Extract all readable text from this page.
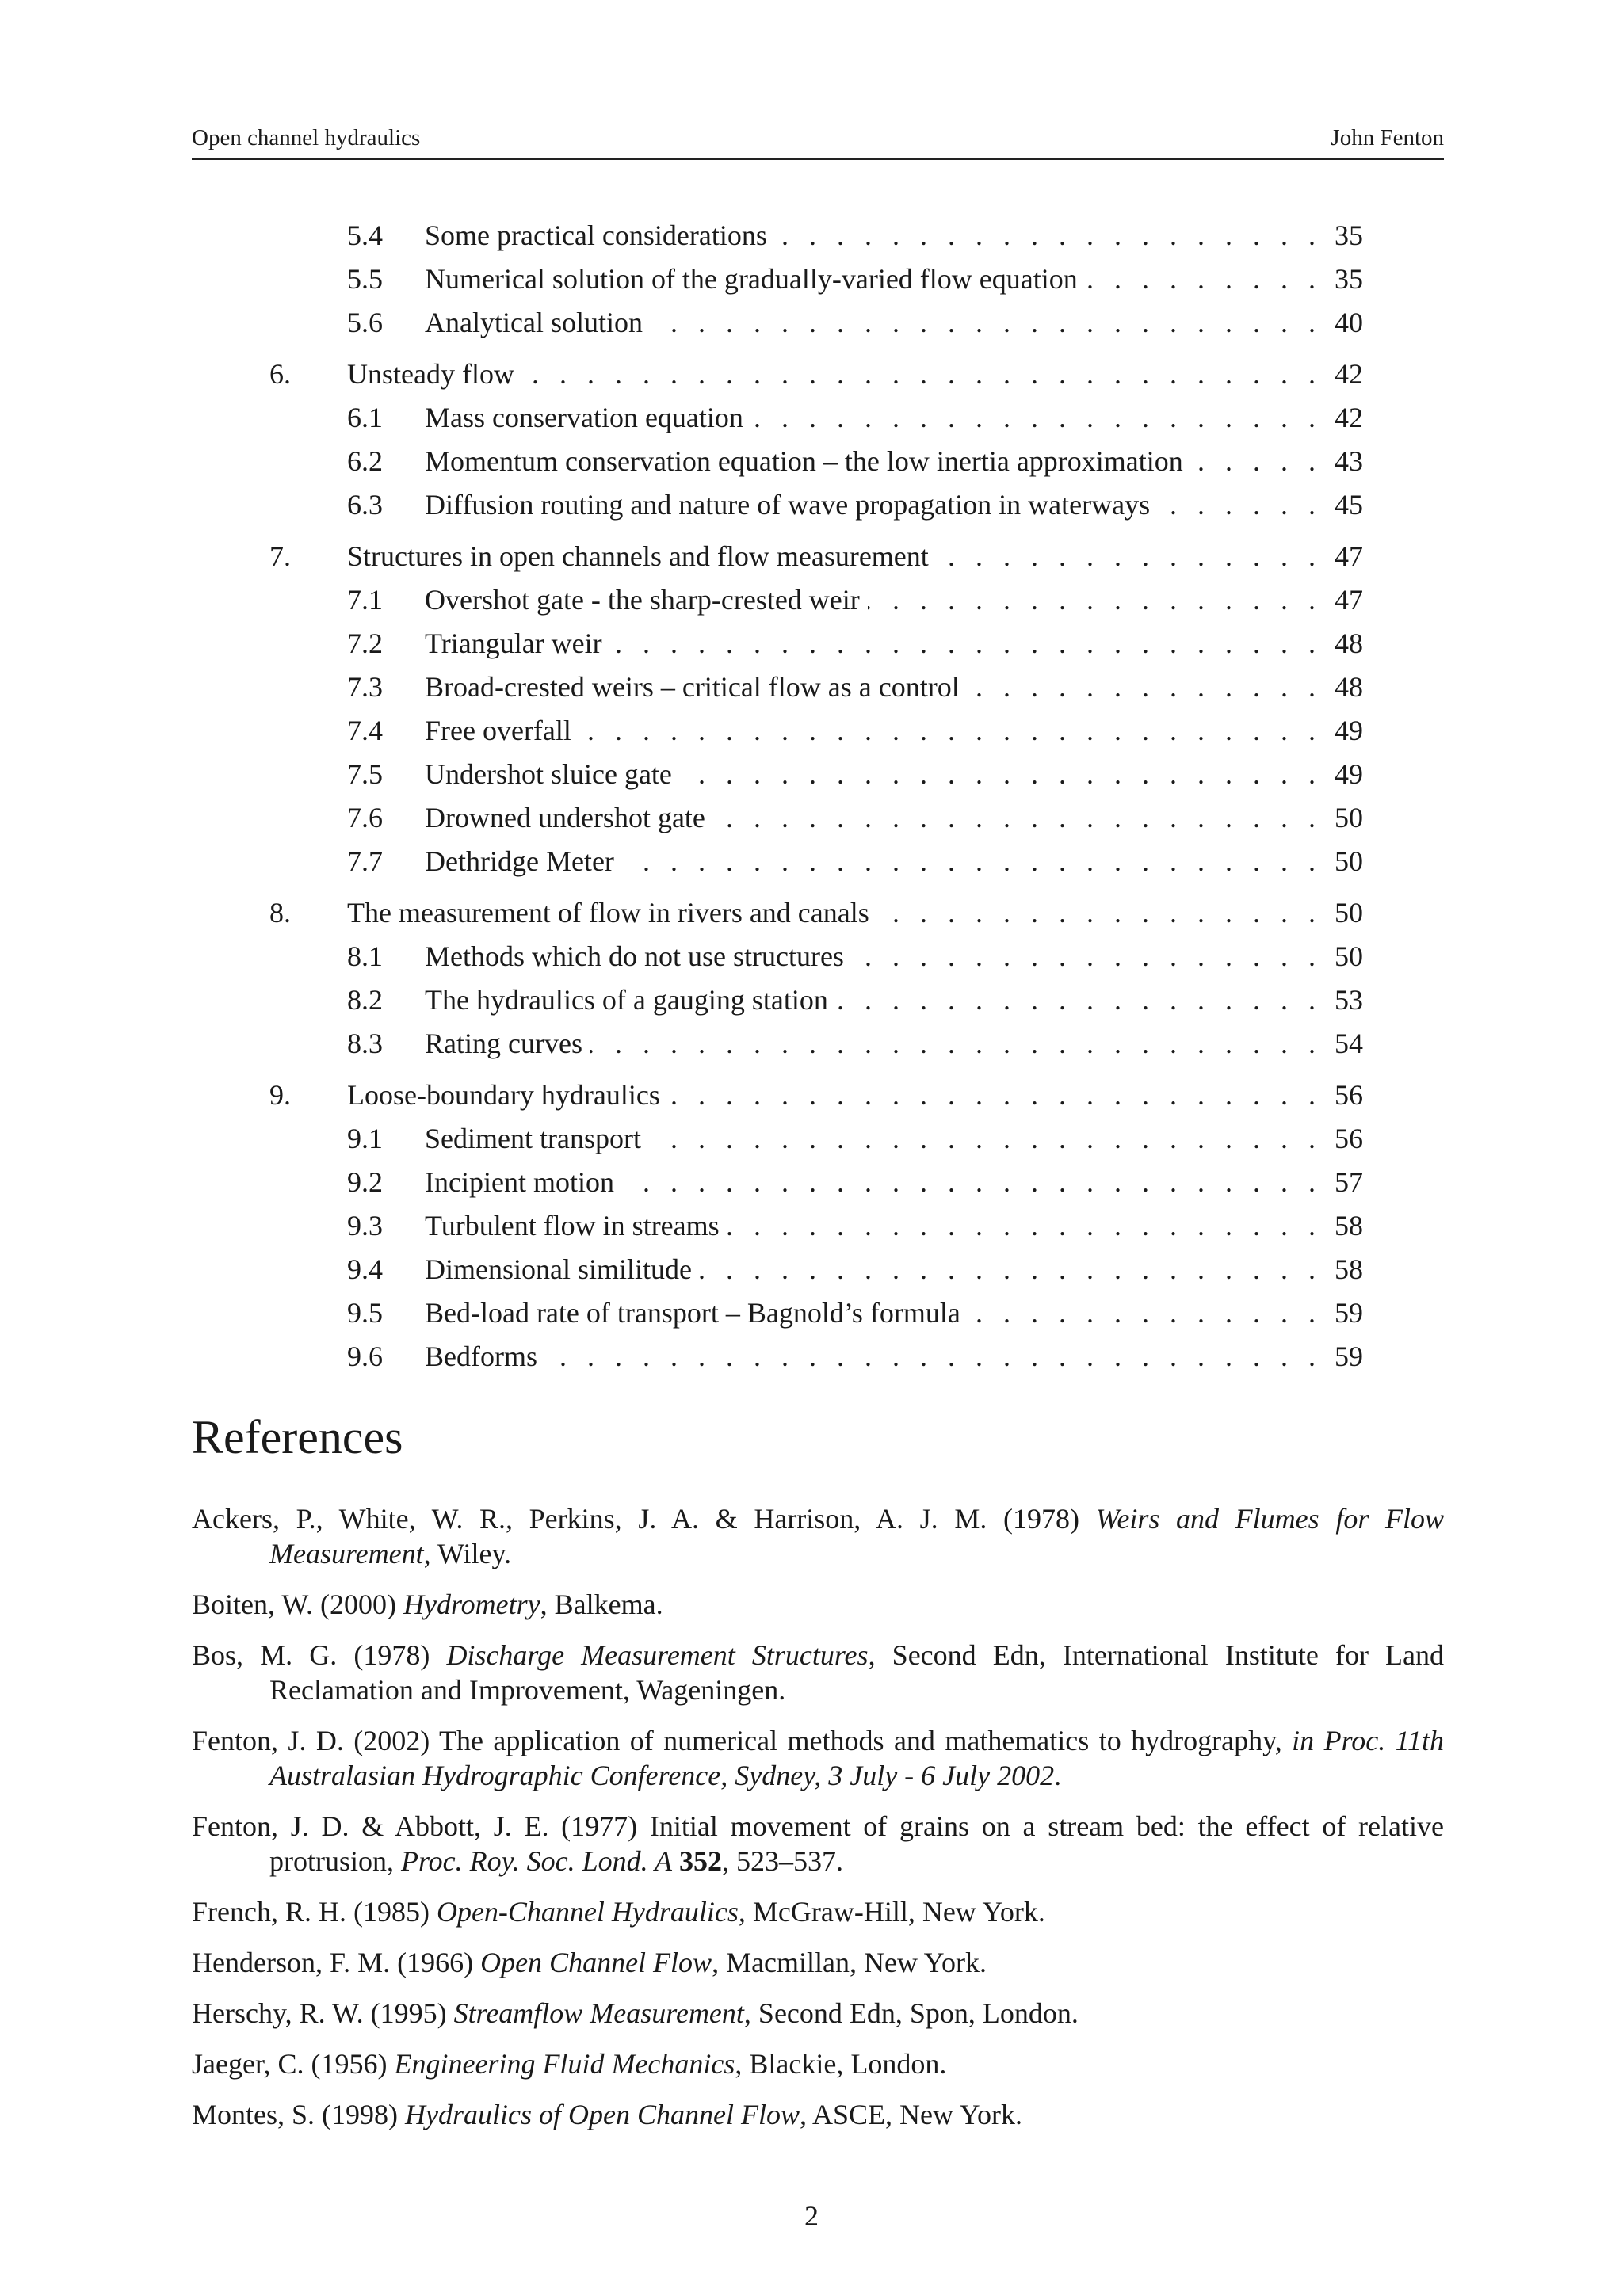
Open channel hydraulics	John Fenton
5.4	Some practical considerations . . .	35
5.5	Numerical solution of the gradually-varied flow equation . . .	35
5.6	Analytical solution . . .	40
6.	Unsteady flow . . .	42
6.1	Mass conservation equation . . .	42
6.2	Momentum conservation equation – the low inertia approximation . . .	43
6.3	Diffusion routing and nature of wave propagation in waterways . . .	45
7.	Structures in open channels and flow measurement . . .	47
7.1	Overshot gate - the sharp-crested weir . . .	47
7.2	Triangular weir . . .	48
7.3	Broad-crested weirs – critical flow as a control . . .	48
7.4	Free overfall . . .	49
7.5	Undershot sluice gate . . .	49
7.6	Drowned undershot gate . . .	50
7.7	Dethridge Meter . . .	50
8.	The measurement of flow in rivers and canals . . .	50
8.1	Methods which do not use structures . . .	50
8.2	The hydraulics of a gauging station . . .	53
8.3	Rating curves . . .	54
9.	Loose-boundary hydraulics . . .	56
9.1	Sediment transport . . .	56
9.2	Incipient motion . . .	57
9.3	Turbulent flow in streams . . .	58
9.4	Dimensional similitude . . .	58
9.5	Bed-load rate of transport – Bagnold’s formula . . .	59
9.6	Bedforms . . .	59
References
Ackers, P., White, W. R., Perkins, J. A. & Harrison, A. J. M. (1978) Weirs and Flumes for Flow Measurement, Wiley.
Boiten, W. (2000) Hydrometry, Balkema.
Bos, M. G. (1978) Discharge Measurement Structures, Second Edn, International Institute for Land Reclamation and Improvement, Wageningen.
Fenton, J. D. (2002) The application of numerical methods and mathematics to hydrography, in Proc. 11th Australasian Hydrographic Conference, Sydney, 3 July - 6 July 2002.
Fenton, J. D. & Abbott, J. E. (1977) Initial movement of grains on a stream bed: the effect of relative protrusion, Proc. Roy. Soc. Lond. A 352, 523–537.
French, R. H. (1985) Open-Channel Hydraulics, McGraw-Hill, New York.
Henderson, F. M. (1966) Open Channel Flow, Macmillan, New York.
Herschy, R. W. (1995) Streamflow Measurement, Second Edn, Spon, London.
Jaeger, C. (1956) Engineering Fluid Mechanics, Blackie, London.
Montes, S. (1998) Hydraulics of Open Channel Flow, ASCE, New York.
2
